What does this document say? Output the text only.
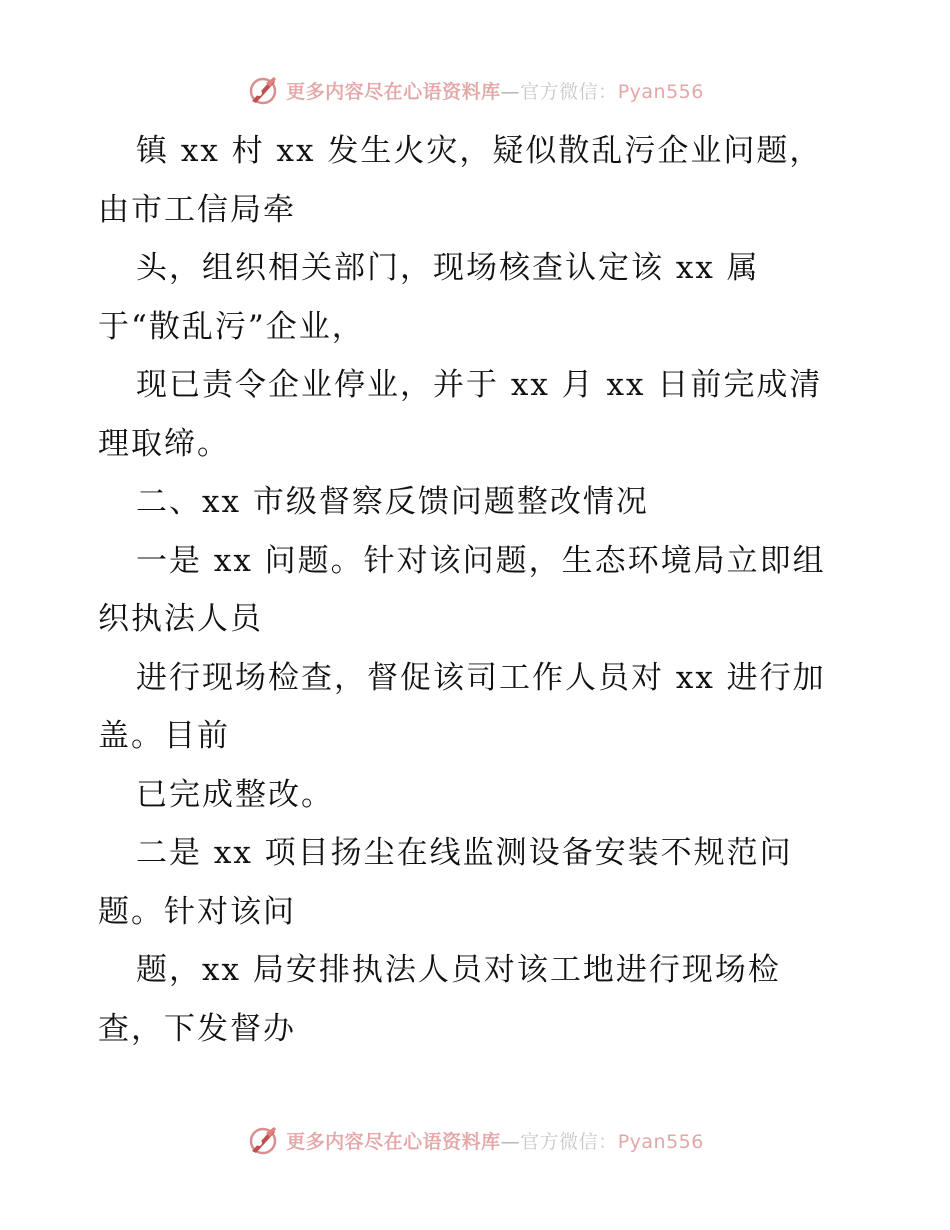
更多内容尽在心语资料库—官方微信：Pyan556
镇 xx 村 xx 发生火灾，疑似散乱污企业问题，
由市工信局牵
头，组织相关部门，现场核查认定该 xx 属
于“散乱污”企业，
现已责令企业停业，并于 xx 月 xx 日前完成清
理取缔。
二、xx 市级督察反馈问题整改情况
一是 xx 问题。针对该问题，生态环境局立即组
织执法人员
进行现场检查，督促该司工作人员对 xx 进行加
盖。目前
已完成整改。
二是 xx 项目扬尘在线监测设备安装不规范问
题。针对该问
题，xx 局安排执法人员对该工地进行现场检
查，下发督办
更多内容尽在心语资料库—官方微信：Pyan556
